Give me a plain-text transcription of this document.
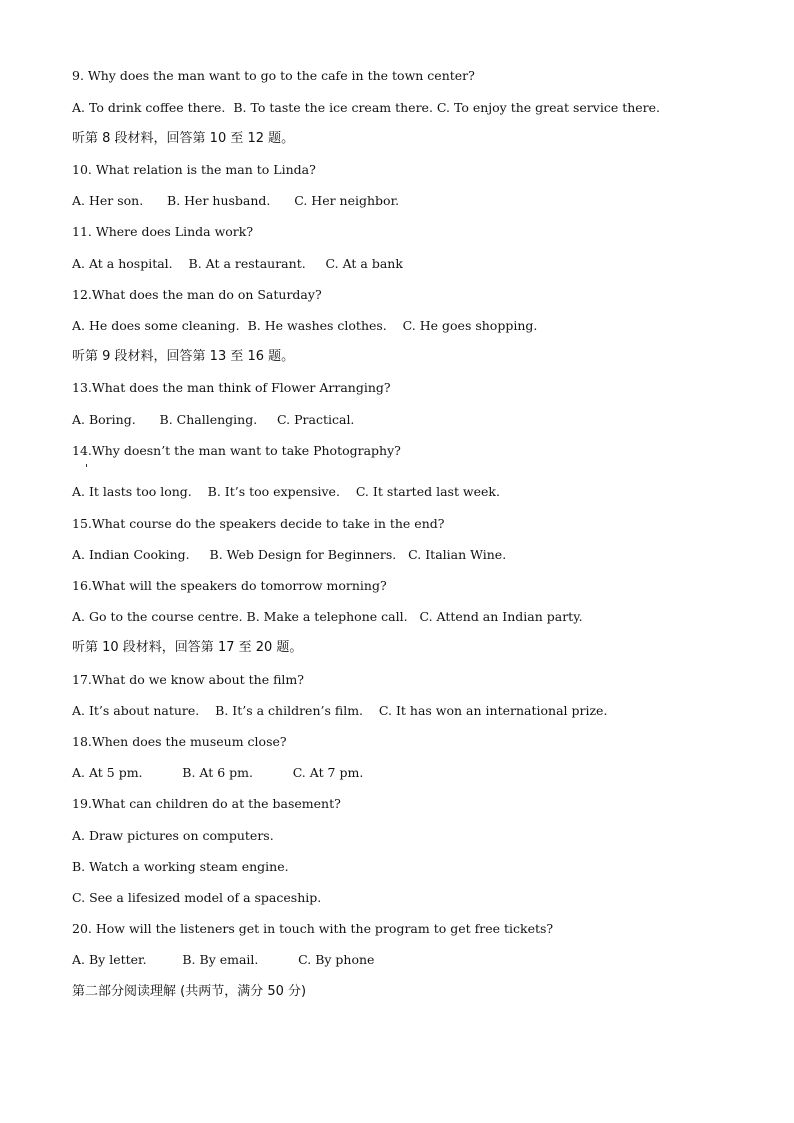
9. Why does the man want to go to the cafe in the town center?
A. To drink coffee there.  B. To taste the ice cream there. C. To enjoy the great service there.
听第 8 段材料，回答第 10 至 12 题。
10. What relation is the man to Linda?
A. Her son.      B. Her husband.      C. Her neighbor.
11. Where does Linda work?
A. At a hospital.    B. At a restaurant.     C. At a bank
12.What does the man do on Saturday?
A. He does some cleaning.  B. He washes clothes.    C. He goes shopping.
听第 9 段材料，回答第 13 至 16 题。
13.What does the man think of Flower Arranging?
A. Boring.      B. Challenging.     C. Practical.
14.Why doesn’t the man want to take Photography?
A. It lasts too long.    B. It’s too expensive.    C. It started last week.
15.What course do the speakers decide to take in the end?
A. Indian Cooking.     B. Web Design for Beginners.   C. Italian Wine.
16.What will the speakers do tomorrow morning?
A. Go to the course centre. B. Make a telephone call.   C. Attend an Indian party.
听第 10 段材料，回答第 17 至 20 题。
17.What do we know about the film?
A. It’s about nature.    B. It’s a children’s film.    C. It has won an international prize.
18.When does the museum close?
A. At 5 pm.          B. At 6 pm.          C. At 7 pm.
19.What can children do at the basement?
A. Draw pictures on computers.
B. Watch a working steam engine.
C. See a lifesized model of a spaceship.
20. How will the listeners get in touch with the program to get free tickets?
A. By letter.         B. By email.          C. By phone
第二部分阅读理解 (共两节，满分 50 分)
